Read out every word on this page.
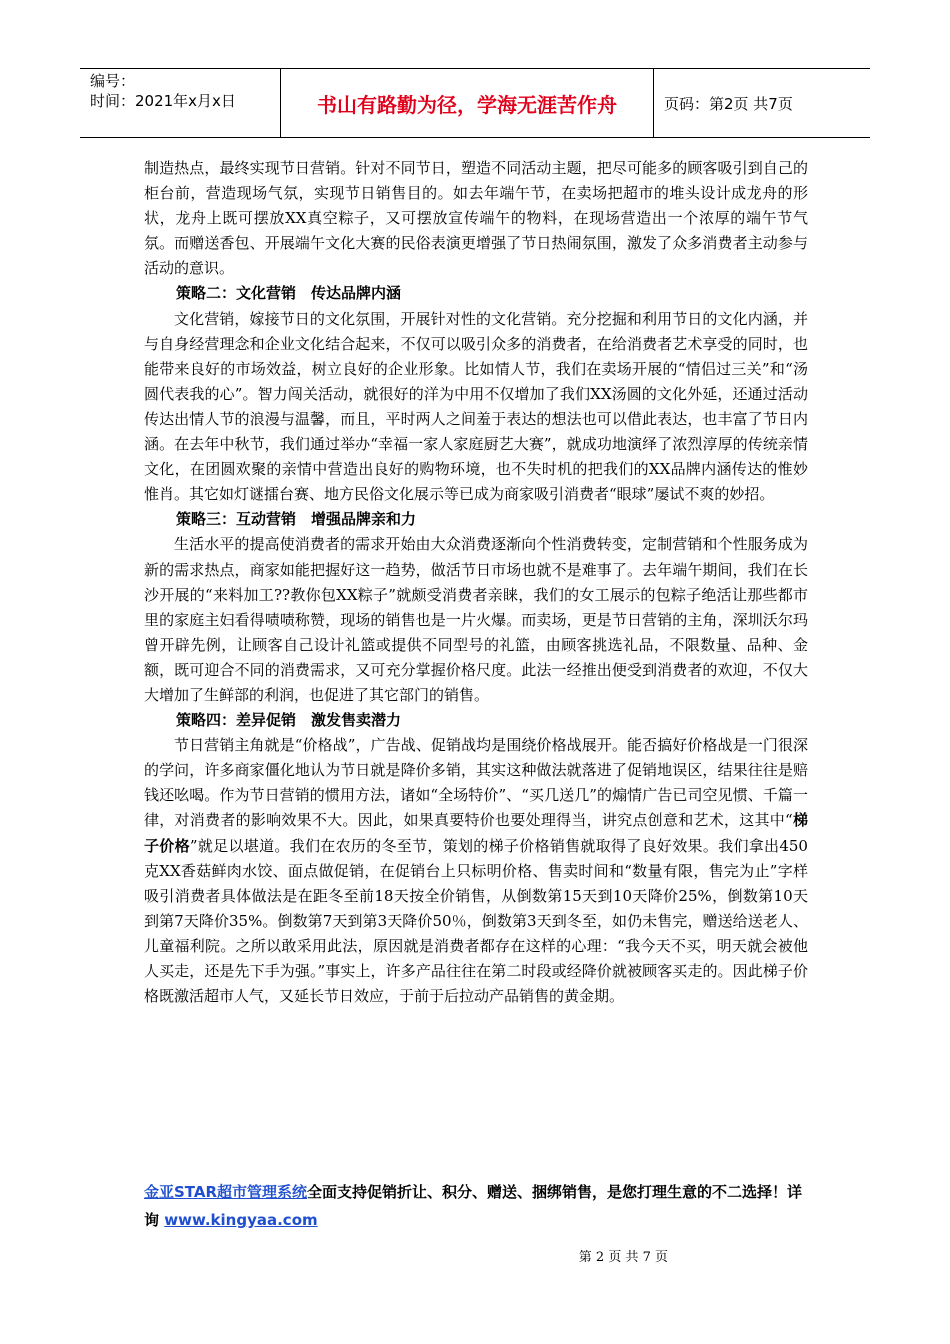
编号：
时间：2021年x月x日	书山有路勤为径，学海无涯苦作舟	页码：第2页 共7页

制造热点，最终实现节日营销。针对不同节日，塑造不同活动主题，把尽可能多的顾客吸引到自己的柜台前，营造现场气氛，实现节日销售目的。如去年端午节，在卖场把超市的堆头设计成龙舟的形状，龙舟上既可摆放XX真空粽子，又可摆放宣传端午的物料，在现场营造出一个浓厚的端午节气氛。而赠送香包、开展端午文化大赛的民俗表演更增强了节日热闹氛围，激发了众多消费者主动参与活动的意识。

策略二：文化营销　传达品牌内涵

文化营销，嫁接节日的文化氛围，开展针对性的文化营销。充分挖掘和利用节日的文化内涵，并与自身经营理念和企业文化结合起来，不仅可以吸引众多的消费者，在给消费者艺术享受的同时，也能带来良好的市场效益，树立良好的企业形象。比如情人节，我们在卖场开展的“情侣过三关”和“汤圆代表我的心”。智力闯关活动，就很好的洋为中用不仅增加了我们XX汤圆的文化外延，还通过活动传达出情人节的浪漫与温馨，而且，平时两人之间羞于表达的想法也可以借此表达，也丰富了节日内涵。在去年中秋节，我们通过举办“幸福一家人家庭厨艺大赛”，就成功地演绎了浓烈淳厚的传统亲情文化，在团圆欢聚的亲情中营造出良好的购物环境，也不失时机的把我们的XX品牌内涵传达的惟妙惟肖。其它如灯谜擂台赛、地方民俗文化展示等已成为商家吸引消费者“眼球”屡试不爽的妙招。

策略三：互动营销　增强品牌亲和力

生活水平的提高使消费者的需求开始由大众消费逐渐向个性消费转变，定制营销和个性服务成为新的需求热点，商家如能把握好这一趋势，做活节日市场也就不是难事了。去年端午期间，我们在长沙开展的“来料加工??教你包XX粽子”就颇受消费者亲睐，我们的女工展示的包粽子绝活让那些都市里的家庭主妇看得啧啧称赞，现场的销售也是一片火爆。而卖场，更是节日营销的主角，深圳沃尔玛曾开辟先例，让顾客自己设计礼篮或提供不同型号的礼篮，由顾客挑选礼品，不限数量、品种、金额，既可迎合不同的消费需求，又可充分掌握价格尺度。此法一经推出便受到消费者的欢迎，不仅大大增加了生鲜部的利润，也促进了其它部门的销售。

策略四：差异促销　激发售卖潜力

节日营销主角就是“价格战”，广告战、促销战均是围绕价格战展开。能否搞好价格战是一门很深的学问，许多商家僵化地认为节日就是降价多销，其实这种做法就落进了促销地误区，结果往往是赔钱还吆喝。作为节日营销的惯用方法，诸如“全场特价”、“买几送几”的煽情广告已司空见惯、千篇一律，对消费者的影响效果不大。因此，如果真要特价也要处理得当，讲究点创意和艺术，这其中“梯子价格”就足以堪道。我们在农历的冬至节，策划的梯子价格销售就取得了良好效果。我们拿出450克XX香菇鲜肉水饺、面点做促销，在促销台上只标明价格、售卖时间和“数量有限，售完为止”字样吸引消费者具体做法是在距冬至前18天按全价销售，从倒数第15天到10天降价25%，倒数第10天到第7天降价35%。倒数第7天到第3天降价50％，倒数第3天到冬至，如仍未售完，赠送给送老人、儿童福利院。之所以敢采用此法，原因就是消费者都存在这样的心理：“我今天不买，明天就会被他人买走，还是先下手为强。”事实上，许多产品往往在第二时段或经降价就被顾客买走的。因此梯子价格既激活超市人气，又延长节日效应，于前于后拉动产品销售的黄金期。

金亚STAR超市管理系统全面支持促销折让、积分、赠送、捆绑销售，是您打理生意的不二选择！详询 www.kingyaa.com
第 2 页 共 7 页
